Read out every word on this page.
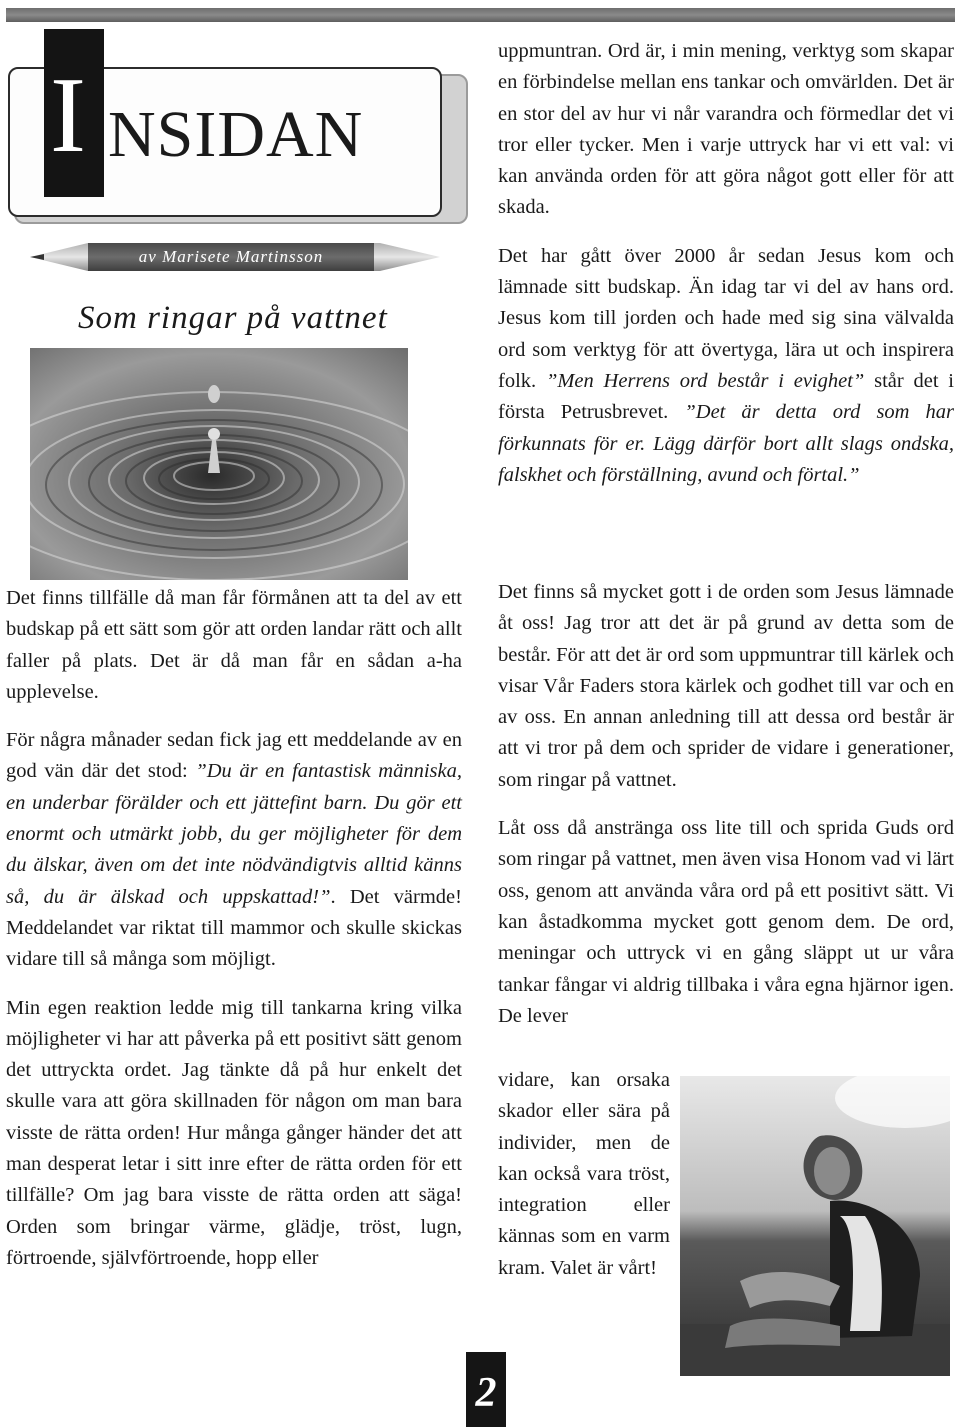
I NSIDAN
av Marisete Martinsson
Som ringar på vattnet

uppmuntran. Ord är, i min mening, verktyg som skapar en förbindelse mellan ens tankar och omvärlden. Det är en stor del av hur vi når varandra och förmedlar det vi tror eller tycker. Men i varje uttryck har vi ett val: vi kan använda orden för att göra något gott eller för att skada.

Det har gått över 2000 år sedan Jesus kom och lämnade sitt budskap. Än idag tar vi del av hans ord. Jesus kom till jorden och hade med sig sina välvalda ord som verktyg för att övertyga, lära ut och inspirera folk. ”Men Herrens ord består i evighet” står det i första Petrusbrevet. ”Det är detta ord som har förkunnats för er. Lägg därför bort allt slags ondska, falskhet och förställning, avund och förtal.”

Det finns tillfälle då man får förmånen att ta del av ett budskap på ett sätt som gör att orden landar rätt och allt faller på plats. Det är då man får en sådan a-ha upplevelse.

För några månader sedan fick jag ett meddelande av en god vän där det stod: ”Du är en fantastisk människa, en underbar förälder och ett jättefint barn. Du gör ett enormt och utmärkt jobb, du ger möjligheter för dem du älskar, även om det inte nödvändigtvis alltid känns så, du är älskad och uppskattad!”. Det värmde! Meddelandet var riktat till mammor och skulle skickas vidare till så många som möjligt.

Min egen reaktion ledde mig till tankarna kring vilka möjligheter vi har att påverka på ett positivt sätt genom det uttryckta ordet. Jag tänkte då på hur enkelt det skulle vara att göra skillnaden för någon om man bara visste de rätta orden! Hur många gånger händer det att man desperat letar i sitt inre efter de rätta orden för ett tillfälle? Om jag bara visste de rätta orden att säga! Orden som bringar värme, glädje, tröst, lugn, förtroende, självförtroende, hopp eller

Det finns så mycket gott i de orden som Jesus lämnade åt oss! Jag tror att det är på grund av detta som de består. För att det är ord som uppmuntrar till kärlek och visar Vår Faders stora kärlek och godhet till var och en av oss. En annan anledning till att dessa ord består är att vi tror på dem och sprider de vidare i generationer, som ringar på vattnet.

Låt oss då anstränga oss lite till och sprida Guds ord som ringar på vattnet, men även visa Honom vad vi lärt oss, genom att använda våra ord på ett positivt sätt. Vi kan åstadkomma mycket gott genom dem. De ord, meningar och uttryck vi en gång släppt ut ur våra tankar fångar vi aldrig tillbaka i våra egna hjärnor igen. De lever

vidare, kan orsaka skador eller sära på individer, men de kan också vara tröst, integration eller kännas som en varm kram. Valet är vårt!

2
